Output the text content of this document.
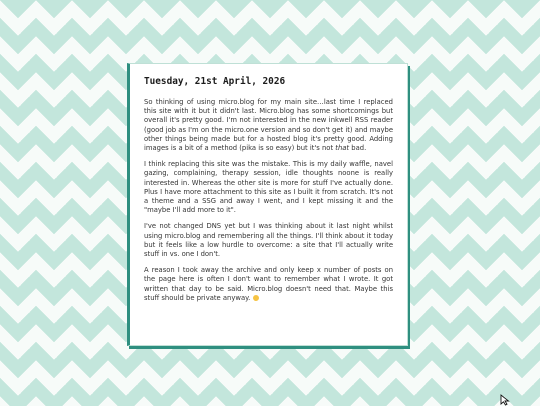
Tuesday, 21st April, 2026

So thinking of using micro.blog for my main site…last time I replaced this site with it but it didn't last. Micro.blog has some shortcomings but overall it's pretty good. I'm not interested in the new inkwell RSS reader (good job as I'm on the micro.one version and so don't get it) and maybe other things being made but for a hosted blog it's pretty good. Adding images is a bit of a method (pika is so easy) but it's not that bad.

I think replacing this site was the mistake. This is my daily waffle, navel gazing, complaining, therapy session, idle thoughts noone is really interested in. Whereas the other site is more for stuff I've actually done. Plus I have more attachment to this site as I built it from scratch. It's not a theme and a SSG and away I went, and I kept missing it and the "maybe I'll add more to it".

I've not changed DNS yet but I was thinking about it last night whilst using micro.blog and remembering all the things. I'll think about it today but it feels like a low hurdle to overcome: a site that I'll actually write stuff in vs. one I don't.

A reason I took away the archive and only keep x number of posts on the page here is often I don't want to remember what I wrote. It got written that day to be said. Micro.blog doesn't need that. Maybe this stuff should be private anyway.
